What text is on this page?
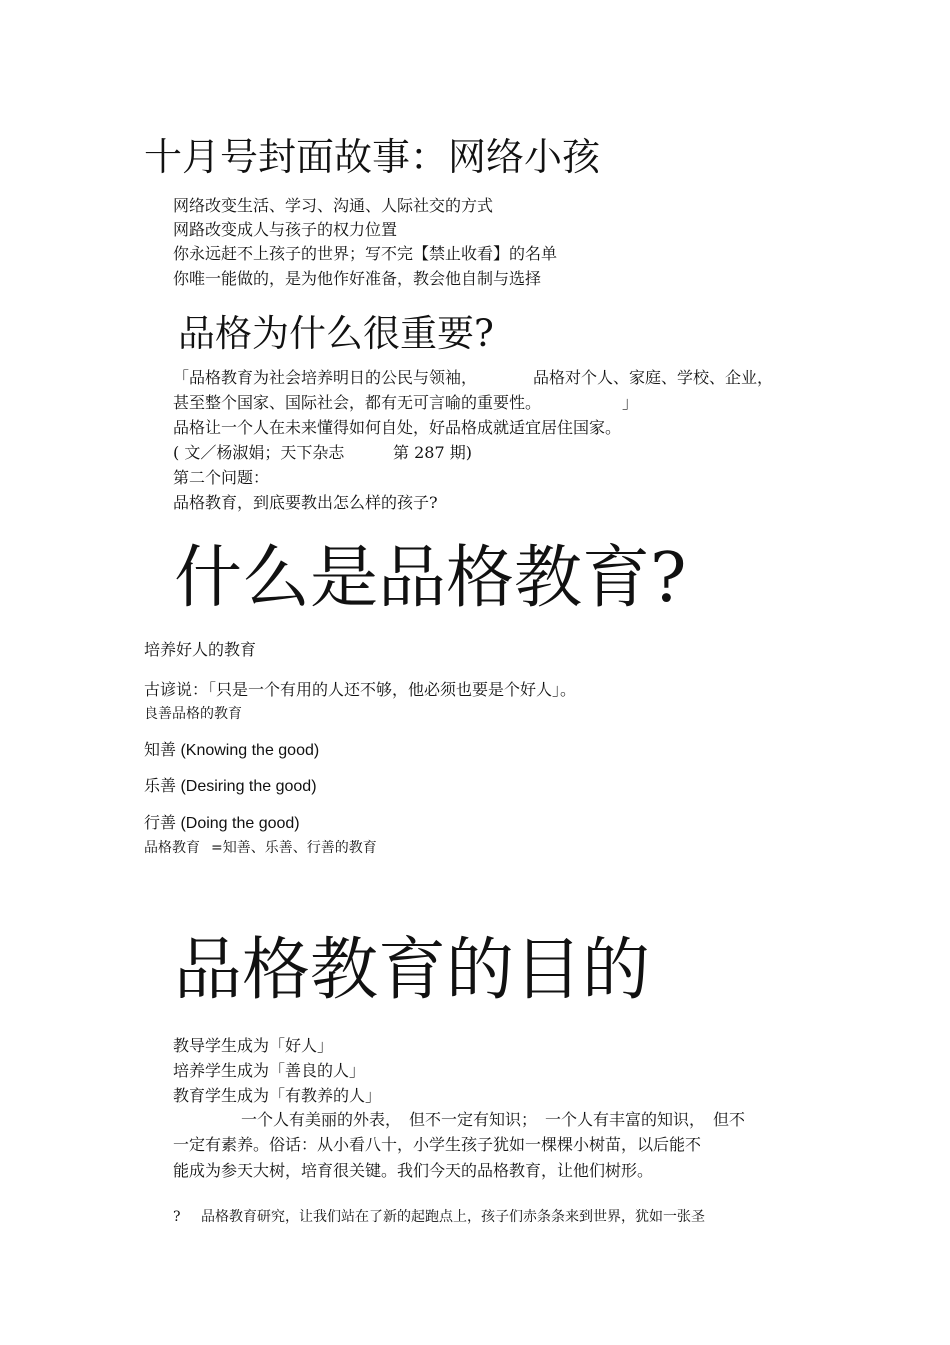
十月号封面故事：网络小孩
网络改变生活、学习、沟通、人际社交的方式
网路改变成人与孩子的权力位置
你永远赶不上孩子的世界；写不完【禁止收看】的名单
你唯一能做的，是为他作好准备，教会他自制与选择
品格为什么很重要?
「品格教育为社会培养明日的公民与领袖，	品格对个人、家庭、学校、企业，
甚至整个国家、国际社会，都有无可言喻的重要性。	」
品格让一个人在未来懂得如何自处，好品格成就适宜居住国家。
( 文／杨淑娟；天下杂志	第 287 期)
第二个问题：
品格教育，到底要教出怎么样的孩子?
什么是品格教育?
培养好人的教育
古谚说：「只是一个有用的人还不够，他必须也要是个好人」。
良善品格的教育
知善 (Knowing the good)
乐善 (Desiring the good)
行善 (Doing the good)
品格教育 =知善、乐善、行善的教育
品格教育的目的
教导学生成为「好人」
培养学生成为「善良的人」
教育学生成为「有教养的人」
一个人有美丽的外表，　但不一定有知识；　一个人有丰富的知识，　但不
一定有素养。俗话：从小看八十，小学生孩子犹如一棵棵小树苗，以后能不
能成为参天大树，培育很关键。我们今天的品格教育，让他们树形。
? 品格教育研究，让我们站在了新的起跑点上，孩子们赤条条来到世界，犹如一张圣
